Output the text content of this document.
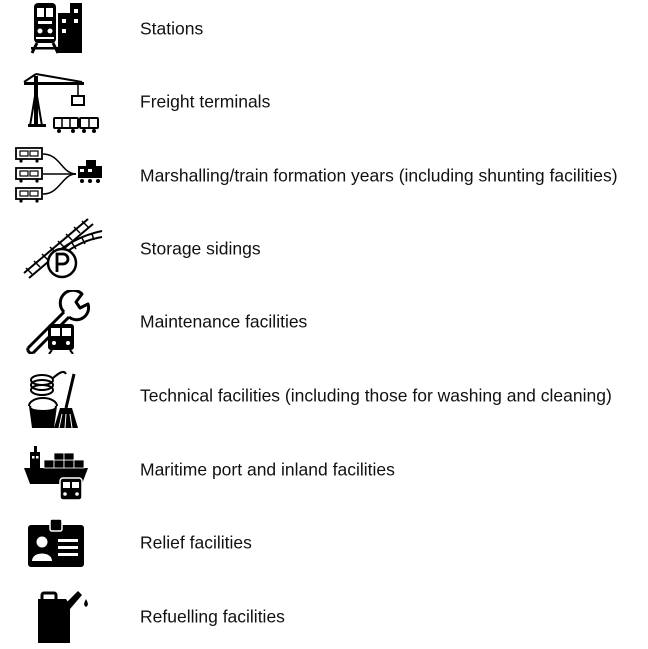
Stations
Freight terminals
Marshalling/train formation years (including shunting facilities)
Storage sidings
Maintenance facilities
Technical facilities (including those for washing and cleaning)
Maritime port and inland facilities
Relief facilities
Refuelling facilities
